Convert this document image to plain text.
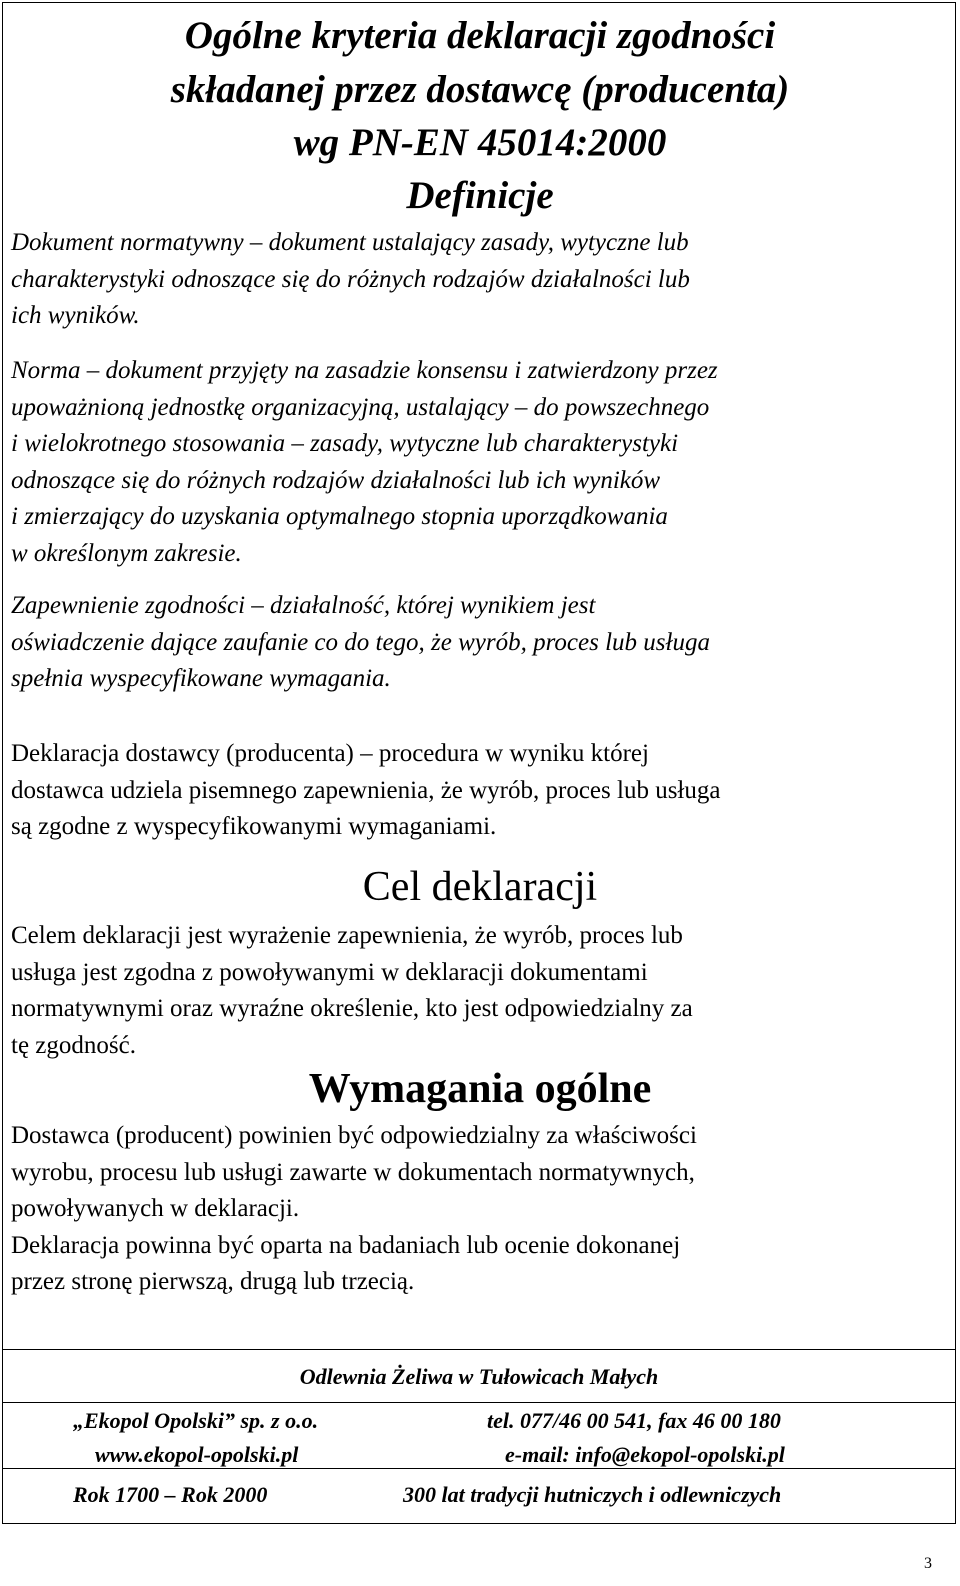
Ogólne kryteria deklaracji zgodności
składanej przez dostawcę (producenta)
wg PN-EN 45014:2000
Definicje
Dokument normatywny – dokument ustalający zasady, wytyczne lub
charakterystyki odnoszące się do różnych rodzajów działalności lub
ich wyników.
Norma – dokument przyjęty na zasadzie konsensu i zatwierdzony przez
upoważnioną jednostkę organizacyjną, ustalający – do powszechnego
i wielokrotnego stosowania – zasady, wytyczne lub charakterystyki
odnoszące się do różnych rodzajów działalności lub ich wyników
i zmierzający do uzyskania optymalnego stopnia uporządkowania
w określonym zakresie.
Zapewnienie zgodności – działalność, której wynikiem jest
oświadczenie dające zaufanie co do tego, że wyrób, proces lub usługa
spełnia wyspecyfikowane wymagania.
Deklaracja dostawcy (producenta) – procedura w wyniku której
dostawca udziela pisemnego zapewnienia, że wyrób, proces lub usługa
są zgodne z wyspecyfikowanymi wymaganiami.
Cel deklaracji
Celem deklaracji jest wyrażenie zapewnienia, że wyrób, proces lub
usługa jest zgodna z powoływanymi w deklaracji dokumentami
normatywnymi oraz wyraźne określenie, kto jest odpowiedzialny za
tę zgodność.
Wymagania ogólne
Dostawca (producent) powinien być odpowiedzialny za właściwości
wyrobu, procesu lub usługi zawarte w dokumentach normatywnych,
powoływanych w deklaracji.
Deklaracja powinna być oparta na badaniach lub ocenie dokonanej
przez stronę pierwszą, drugą lub trzecią.
Odlewnia Żeliwa w Tułowicach Małych
„Ekopol Opolski” sp. z o.o.	tel. 077/46 00 541, fax 46 00 180
www.ekopol-opolski.pl	e-mail: info@ekopol-opolski.pl
Rok 1700 – Rok 2000	300 lat tradycji hutniczych i odlewniczych
3
